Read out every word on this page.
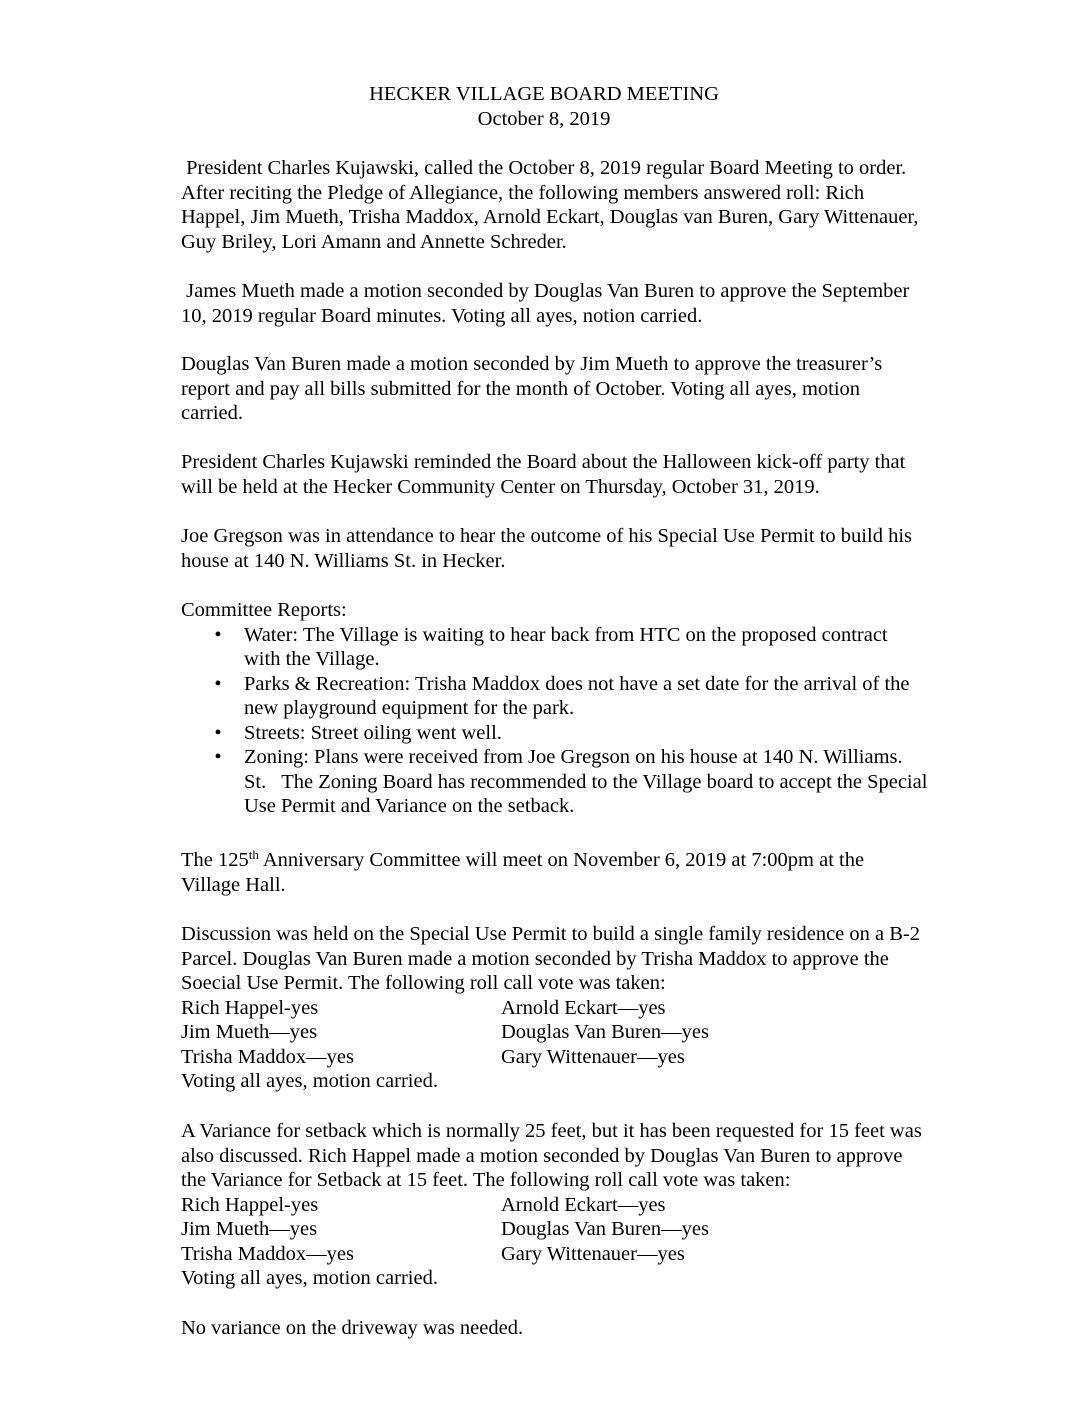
HECKER VILLAGE BOARD MEETING
October 8, 2019
President Charles Kujawski, called the October 8, 2019 regular Board Meeting to order.
After reciting the Pledge of Allegiance, the following members answered roll: Rich
Happel, Jim Mueth, Trisha Maddox, Arnold Eckart, Douglas van Buren, Gary Wittenauer,
Guy Briley, Lori Amann and Annette Schreder.
James Mueth made a motion seconded by Douglas Van Buren to approve the September
10, 2019 regular Board minutes. Voting all ayes, notion carried.
Douglas Van Buren made a motion seconded by Jim Mueth to approve the treasurer’s
report and pay all bills submitted for the month of October. Voting all ayes, motion
carried.
President Charles Kujawski reminded the Board about the Halloween kick-off party that
will be held at the Hecker Community Center on Thursday, October 31, 2019.
Joe Gregson was in attendance to hear the outcome of his Special Use Permit to build his
house at 140 N. Williams St. in Hecker.
Committee Reports:
• Water: The Village is waiting to hear back from HTC on the proposed contract
with the Village.
• Parks & Recreation: Trisha Maddox does not have a set date for the arrival of the
new playground equipment for the park.
• Streets: Street oiling went well.
• Zoning: Plans were received from Joe Gregson on his house at 140 N. Williams.
St.   The Zoning Board has recommended to the Village board to accept the Special
Use Permit and Variance on the setback.
The 125th Anniversary Committee will meet on November 6, 2019 at 7:00pm at the
Village Hall.
Discussion was held on the Special Use Permit to build a single family residence on a B-2
Parcel. Douglas Van Buren made a motion seconded by Trisha Maddox to approve the
Soecial Use Permit. The following roll call vote was taken:
Rich Happel-yes	Arnold Eckart—yes
Jim Mueth—yes	Douglas Van Buren—yes
Trisha Maddox—yes	Gary Wittenauer—yes
Voting all ayes, motion carried.
A Variance for setback which is normally 25 feet, but it has been requested for 15 feet was
also discussed. Rich Happel made a motion seconded by Douglas Van Buren to approve
the Variance for Setback at 15 feet. The following roll call vote was taken:
Rich Happel-yes	Arnold Eckart—yes
Jim Mueth—yes	Douglas Van Buren—yes
Trisha Maddox—yes	Gary Wittenauer—yes
Voting all ayes, motion carried.
No variance on the driveway was needed.
